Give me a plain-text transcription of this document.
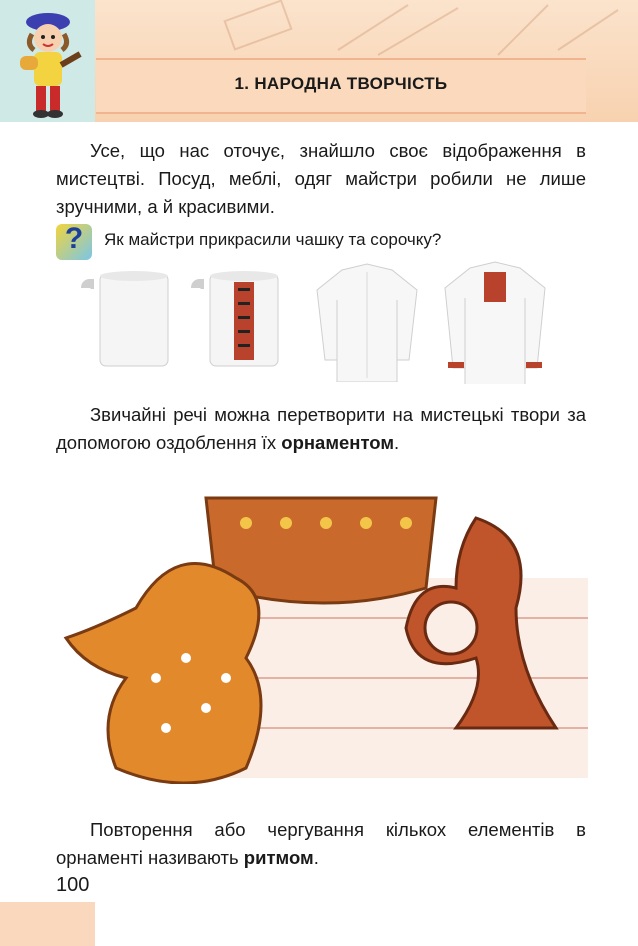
1. НАРОДНА ТВОРЧІСТЬ
Усе, що нас оточує, знайшло своє відображення в мистецтві. Посуд, меблі, одяг майстри робили не лише зручними, а й красивими.
?	Як майстри прикрасили чашку та сорочку?
Звичайні речі можна перетворити на мистецькі твори за допомогою оздоблення їх орнаментом.
Повторення або чергування кількох елементів в орнаменті називають ритмом.
100
